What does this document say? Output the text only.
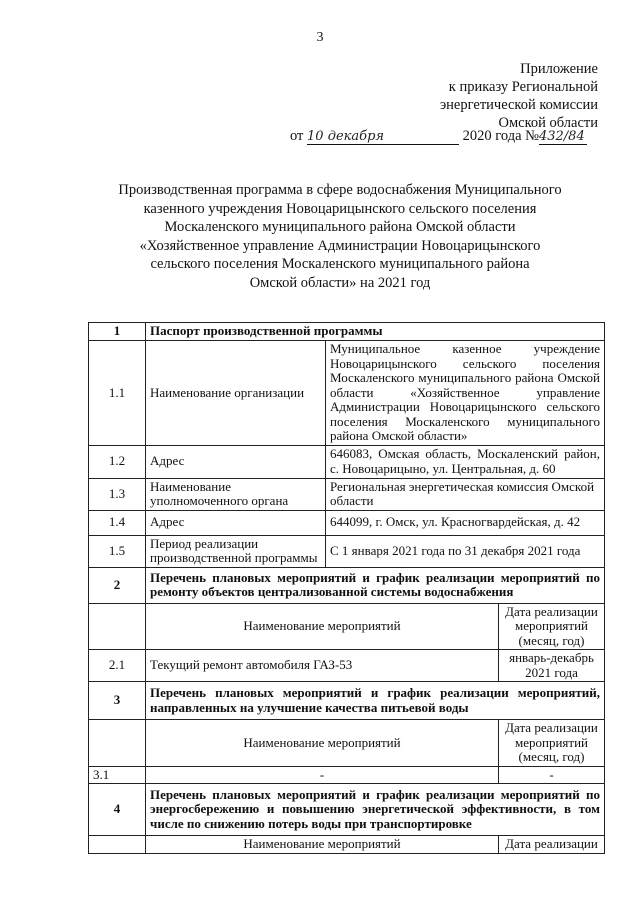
3
Приложение
к приказу Региональной
энергетической комиссии
Омской области
от 10 декабря	2020 года №432/84
Производственная программа в сфере водоснабжения Муниципального
казенного учреждения Новоцарицынского сельского поселения
Москаленского муниципального района Омской области
«Хозяйственное управление Администрации Новоцарицынского
сельского поселения Москаленского муниципального района
Омской области» на 2021 год
1	Паспорт производственной программы		
1.1	Наименование организации	Муниципальное казенное учреждение Новоцарицынского сельского поселения Москаленского муниципального района Омской области «Хозяйственное управление Администрации Новоцарицынского сельского поселения Москаленского муниципального района Омской области»	
1.2	Адрес	646083, Омская область, Москаленский район, с. Новоцарицыно, ул. Центральная, д. 60	
1.3	Наименование уполномоченного органа	Региональная энергетическая комиссия Омской области	
1.4	Адрес	644099, г. Омск, ул. Красногвардейская, д. 42	
1.5	Период реализации производственной программы	С 1 января 2021 года по 31 декабря 2021 года	
2	Перечень плановых мероприятий и график реализации мероприятий по ремонту объектов централизованной системы водоснабжения		
	Наименование мероприятий		Дата реализации мероприятий (месяц, год)
2.1	Текущий ремонт автомобиля ГАЗ-53		январь-декабрь 2021 года
3	Перечень плановых мероприятий и график реализации мероприятий, направленных на улучшение качества питьевой воды		
	Наименование мероприятий		Дата реализации мероприятий (месяц, год)
3.1	-		-
4	Перечень плановых мероприятий и график реализации мероприятий по энергосбережению и повышению энергетической эффективности, в том числе по снижению потерь воды при транспортировке		
	Наименование мероприятий		Дата реализации
